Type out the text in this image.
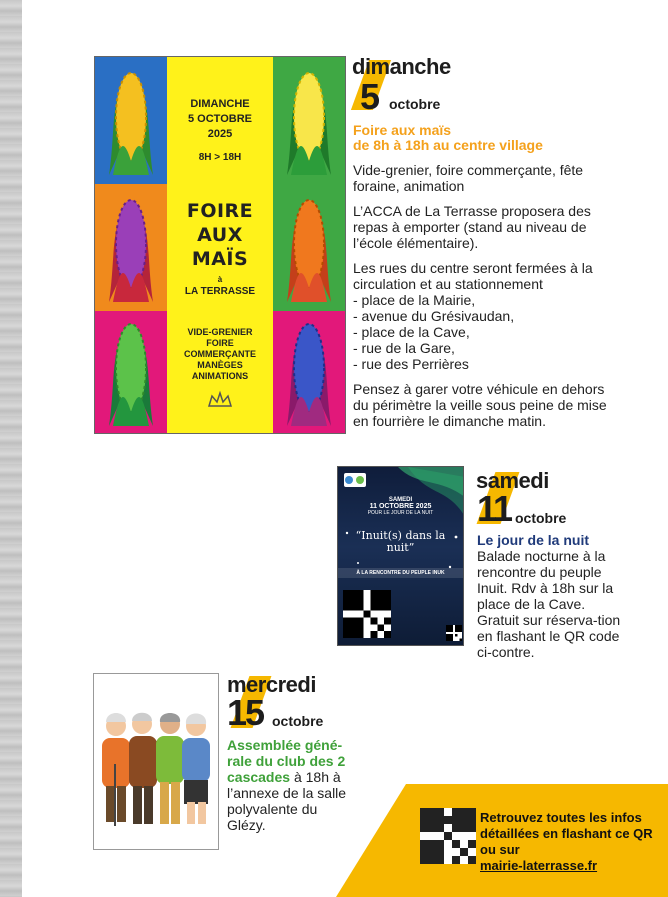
DIMANCHE
5 OCTOBRE
2025
8H > 18H
FOIRE
AUX
MAÏS
à
LA TERRASSE
VIDE-GRENIER
FOIRE
COMMERÇANTE
MANÈGES
ANIMATIONS
dimanche
5 octobre
Foire aux maïs
de 8h à 18h au centre village

Vide-grenier, foire commerçante, fête foraine, animation

L’ACCA de La Terrasse proposera des repas à emporter (stand au niveau de l’école élémentaire).

Les rues du centre seront fermées à la circulation et au stationnement

- place de la Mairie,
- avenue du Grésivaudan,
- place de la Cave,
- rue de la Gare,
- rue des Perrières

Pensez à garer votre véhicule en dehors du périmètre la veille sous peine de mise en fourrière le dimanche matin.

SAMEDI
11 OCTOBRE 2025
POUR LE JOUR DE LA NUIT
“Inuit(s) dans la nuit”
À LA RENCONTRE DU PEUPLE INUK
samedi
11 octobre
Le jour de la nuit
Balade nocturne à la rencontre du peuple Inuit. Rdv à 18h sur la place de la Cave. Gratuit sur réserva-tion en flashant le QR code ci-contre.
mercredi
15 octobre
Assemblée géné-rale du club des 2 cascades à 18h à l’annexe de la salle polyvalente du Glézy.	Retrouvez toutes les infos détaillées en flashant ce QR ou sur
mairie-laterrasse.fr
